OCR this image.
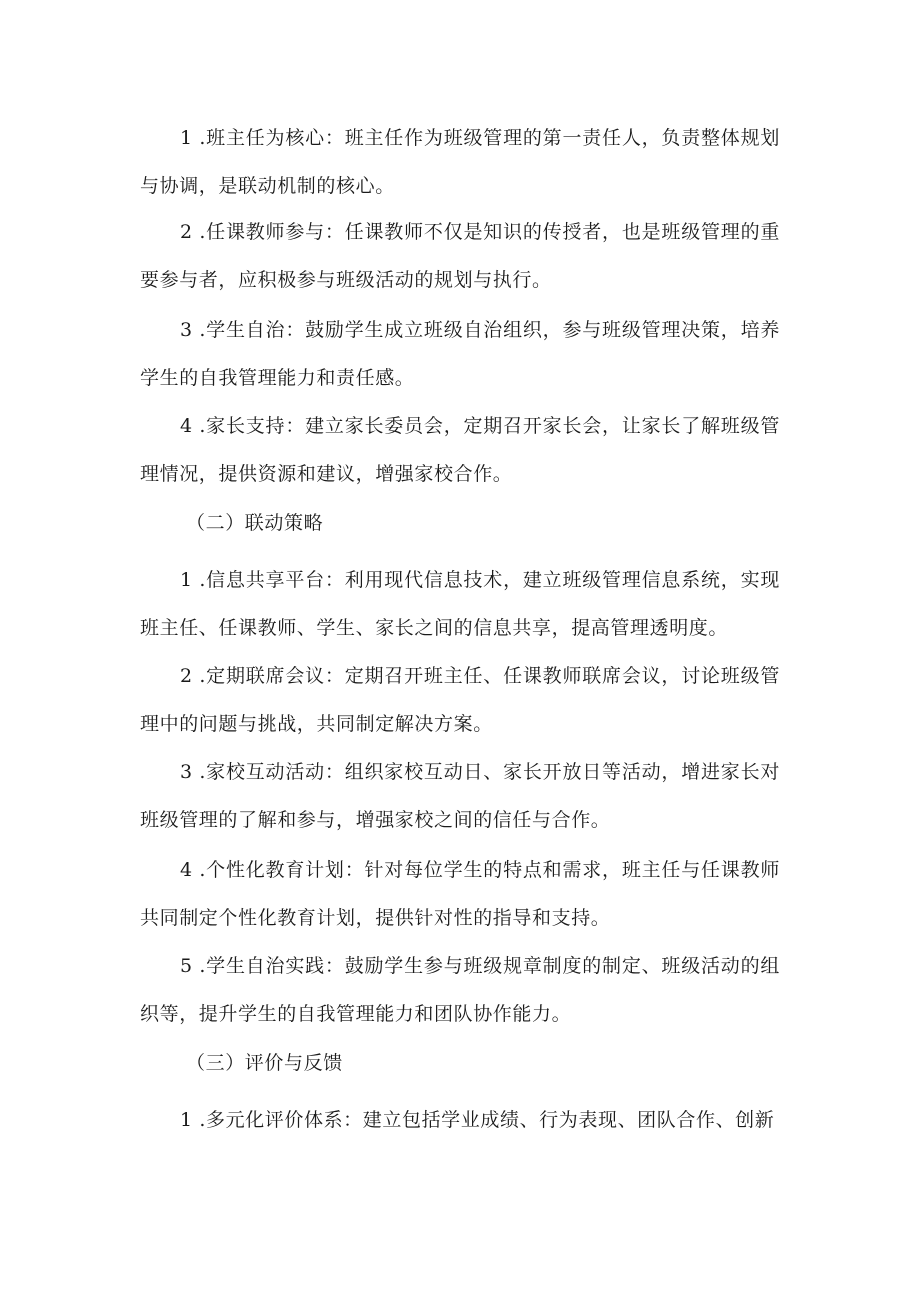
1 .班主任为核心：班主任作为班级管理的第一责任人，负责整体规划与协调，是联动机制的核心。

2 .任课教师参与：任课教师不仅是知识的传授者，也是班级管理的重要参与者，应积极参与班级活动的规划与执行。

3 .学生自治：鼓励学生成立班级自治组织，参与班级管理决策，培养学生的自我管理能力和责任感。

4 .家长支持：建立家长委员会，定期召开家长会，让家长了解班级管理情况，提供资源和建议，增强家校合作。

（二）联动策略

1 .信息共享平台：利用现代信息技术，建立班级管理信息系统，实现班主任、任课教师、学生、家长之间的信息共享，提高管理透明度。

2 .定期联席会议：定期召开班主任、任课教师联席会议，讨论班级管理中的问题与挑战，共同制定解决方案。

3 .家校互动活动：组织家校互动日、家长开放日等活动，增进家长对班级管理的了解和参与，增强家校之间的信任与合作。

4 .个性化教育计划：针对每位学生的特点和需求，班主任与任课教师共同制定个性化教育计划，提供针对性的指导和支持。

5 .学生自治实践：鼓励学生参与班级规章制度的制定、班级活动的组织等，提升学生的自我管理能力和团队协作能力。

（三）评价与反馈

1 .多元化评价体系：建立包括学业成绩、行为表现、团队合作、创新
